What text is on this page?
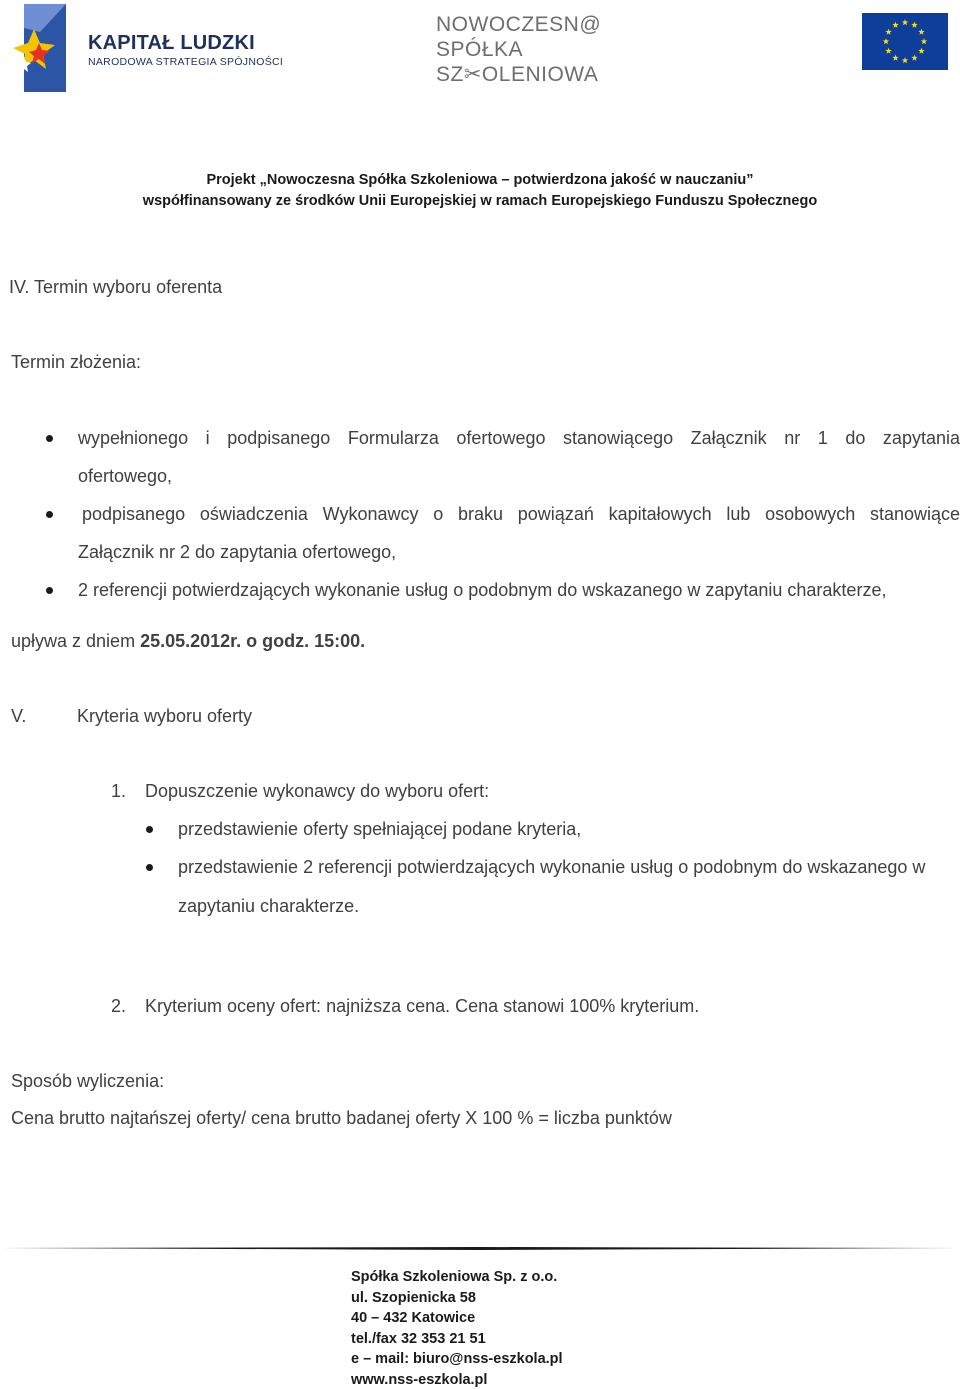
KAPITAŁ LUDZKI
NARODOWA STRATEGIA SPÓJNOŚCI
NOWOCZESN@
SPÓŁKA
SZ✂OLENIOWA
Projekt „Nowoczesna Spółka Szkoleniowa – potwierdzona jakość w nauczaniu”
współfinansowany ze środków Unii Europejskiej w ramach Europejskiego Funduszu Społecznego
IV. Termin wyboru oferenta
Termin złożenia:
wypełnionego i podpisanego Formularza ofertowego stanowiącego Załącznik nr 1 do zapytania
ofertowego,
podpisanego oświadczenia Wykonawcy o braku powiązań kapitałowych lub osobowych stanowiące
Załącznik nr 2 do zapytania ofertowego,
2 referencji potwierdzających wykonanie usług o podobnym do wskazanego w zapytaniu charakterze,
upływa z dniem 25.05.2012r. o godz. 15:00.
V.	Kryteria wyboru oferty
1. Dopuszczenie wykonawcy do wyboru ofert:
przedstawienie oferty spełniającej podane kryteria,
przedstawienie 2 referencji potwierdzających wykonanie usług o podobnym do wskazanego w
zapytaniu charakterze.
2. Kryterium oceny ofert: najniższa cena. Cena stanowi 100% kryterium.
Sposób wyliczenia:
Cena brutto najtańszej oferty/ cena brutto badanej oferty X 100 % = liczba punktów
Spółka Szkoleniowa Sp. z o.o.
ul. Szopienicka 58
40 – 432 Katowice
tel./fax 32 353 21 51
e – mail: biuro@nss-eszkola.pl
www.nss-eszkola.pl
